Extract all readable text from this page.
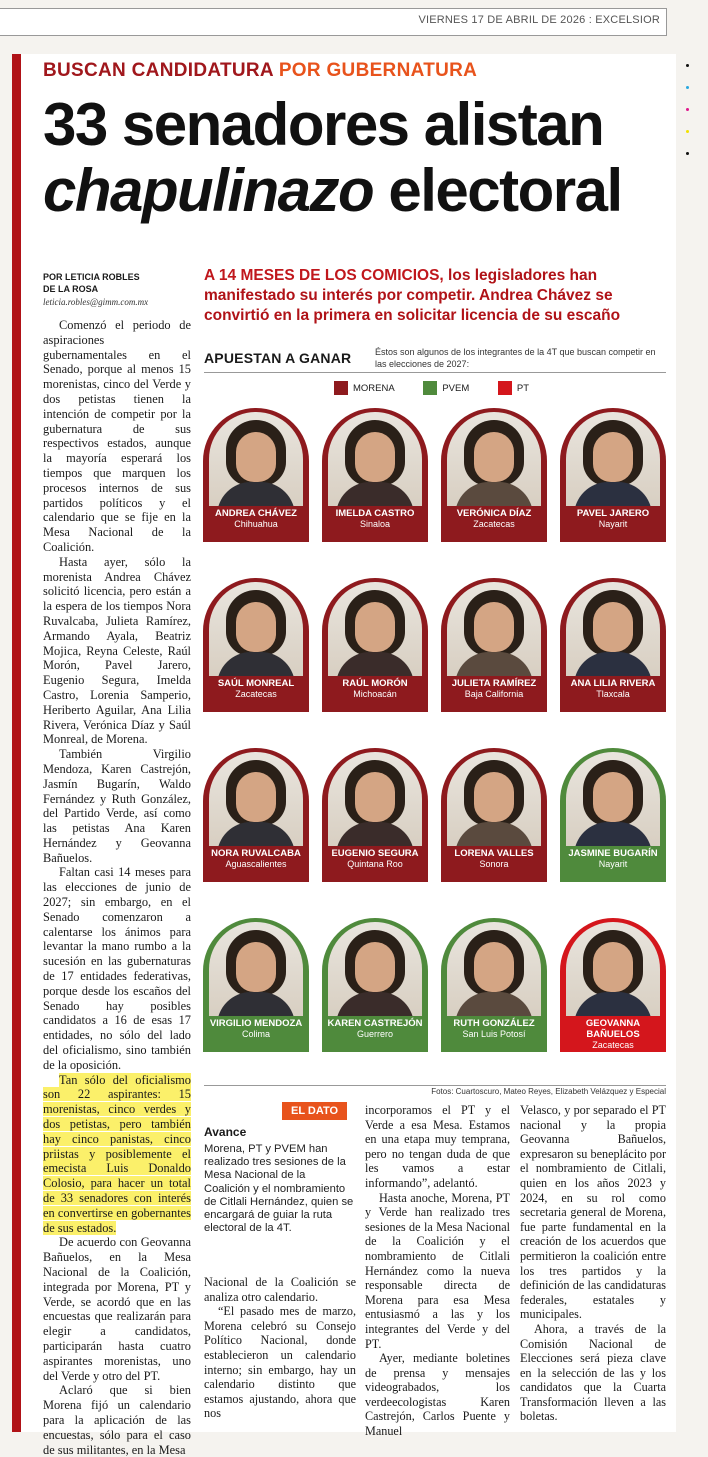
VIERNES 17 DE ABRIL DE 2026 : EXCELSIOR
BUSCAN CANDIDATURA POR GUBERNATURA
33 senadores alistan
chapulinazo electoral
POR LETICIA ROBLES
DE LA ROSA
leticia.robles@gimm.com.mx
A 14 MESES DE LOS COMICIOS, los legisladores han manifestado su interés por competir. Andrea Chávez se convirtió en la primera en solicitar licencia de su escaño

Comenzó el periodo de aspiraciones gubernamentales en el Senado, porque al menos 15 morenistas, cinco del Verde y dos petistas tienen la intención de competir por la gubernatura de sus respectivos estados, aunque la mayoría esperará los tiempos que marquen los procesos internos de sus partidos políticos y el calendario que se fije en la Mesa Nacional de la Coalición.

Hasta ayer, sólo la morenista Andrea Chávez solicitó licencia, pero están a la espera de los tiempos Nora Ruvalcaba, Julieta Ramírez, Armando Ayala, Beatriz Mojica, Reyna Celeste, Raúl Morón, Pavel Jarero, Eugenio Segura, Imelda Castro, Lorenia Samperio, Heriberto Aguilar, Ana Lilia Rivera, Verónica Díaz y Saúl Monreal, de Morena.

También Virgilio Mendoza, Karen Castrejón, Jasmín Bugarín, Waldo Fernández y Ruth González, del Partido Verde, así como las petistas Ana Karen Hernández y Geovanna Bañuelos.

Faltan casi 14 meses para las elecciones de junio de 2027; sin embargo, en el Senado comenzaron a calentarse los ánimos para levantar la mano rumbo a la sucesión en las gubernaturas de 17 entidades federativas, porque desde los escaños del Senado hay posibles candidatos a 16 de esas 17 entidades, no sólo del lado del oficialismo, sino también de la oposición.

Tan sólo del oficialismo son 22 aspirantes: 15 morenistas, cinco verdes y dos petistas, pero también hay cinco panistas, cinco priistas y posiblemente el emecista Luis Donaldo Colosio, para hacer un total de 33 senadores con interés en convertirse en gobernantes de sus estados.

De acuerdo con Geovanna Bañuelos, en la Mesa Nacional de la Coalición, integrada por Morena, PT y Verde, se acordó que en las encuestas que realizarán para elegir a candidatos, participarán hasta cuatro aspirantes morenistas, uno del Verde y otro del PT.

Aclaró que si bien Morena fijó un calendario para la aplicación de las encuestas, sólo para el caso de sus militantes, en la Mesa

APUESTAN A GANAR	Éstos son algunos de los integrantes de la 4T que buscan competir en las elecciones de 2027:
MORENA
	PVEM
	PT
ANDREA CHÁVEZ
Chihuahua
IMELDA CASTRO
Sinaloa
VERÓNICA DÍAZ
Zacatecas
PAVEL JARERO
Nayarit
SAÚL MONREAL
Zacatecas
RAÚL MORÓN
Michoacán
JULIETA RAMÍREZ
Baja California
ANA LILIA RIVERA
Tlaxcala
NORA RUVALCABA
Aguascalientes
EUGENIO SEGURA
Quintana Roo
LORENA VALLES
Sonora
JASMINE BUGARÍN
Nayarit
VIRGILIO MENDOZA
Colima
KAREN CASTREJÓN
Guerrero
RUTH GONZÁLEZ
San Luis Potosí
GEOVANNA BAÑUELOS
Zacatecas
Fotos: Cuartoscuro, Mateo Reyes, Elizabeth Velázquez y Especial
EL DATO
Avance
Morena, PT y PVEM han realizado tres sesiones de la Mesa Nacional de la Coalición y el nombramiento de Citlali Hernández, quien se encargará de guiar la ruta electoral de la 4T.

Nacional de la Coalición se analiza otro calendario.

“El pasado mes de marzo, Morena celebró su Consejo Político Nacional, donde establecieron un calendario interno; sin embargo, hay un calendario distinto que estamos ajustando, ahora que nos

incorporamos el PT y el Verde a esa Mesa. Estamos en una etapa muy temprana, pero no tengan duda de que les vamos a estar informando”, adelantó.

Hasta anoche, Morena, PT y Verde han realizado tres sesiones de la Mesa Nacional de la Coalición y el nombramiento de Citlali Hernández como la nueva responsable directa de Morena para esa Mesa entusiasmó a las y los integrantes del Verde y del PT.

Ayer, mediante boletines de prensa y mensajes videograbados, los verdeecologistas Karen Castrejón, Carlos Puente y Manuel

Velasco, y por separado el PT nacional y la propia Geovanna Bañuelos, expresaron su beneplácito por el nombramiento de Citlali, quien en los años 2023 y 2024, en su rol como secretaria general de Morena, fue parte fundamental en la creación de los acuerdos que permitieron la coalición entre los tres partidos y la definición de las candidaturas federales, estatales y municipales.

Ahora, a través de la Comisión Nacional de Elecciones será pieza clave en la selección de las y los candidatos que la Cuarta Transformación lleven a las boletas.
